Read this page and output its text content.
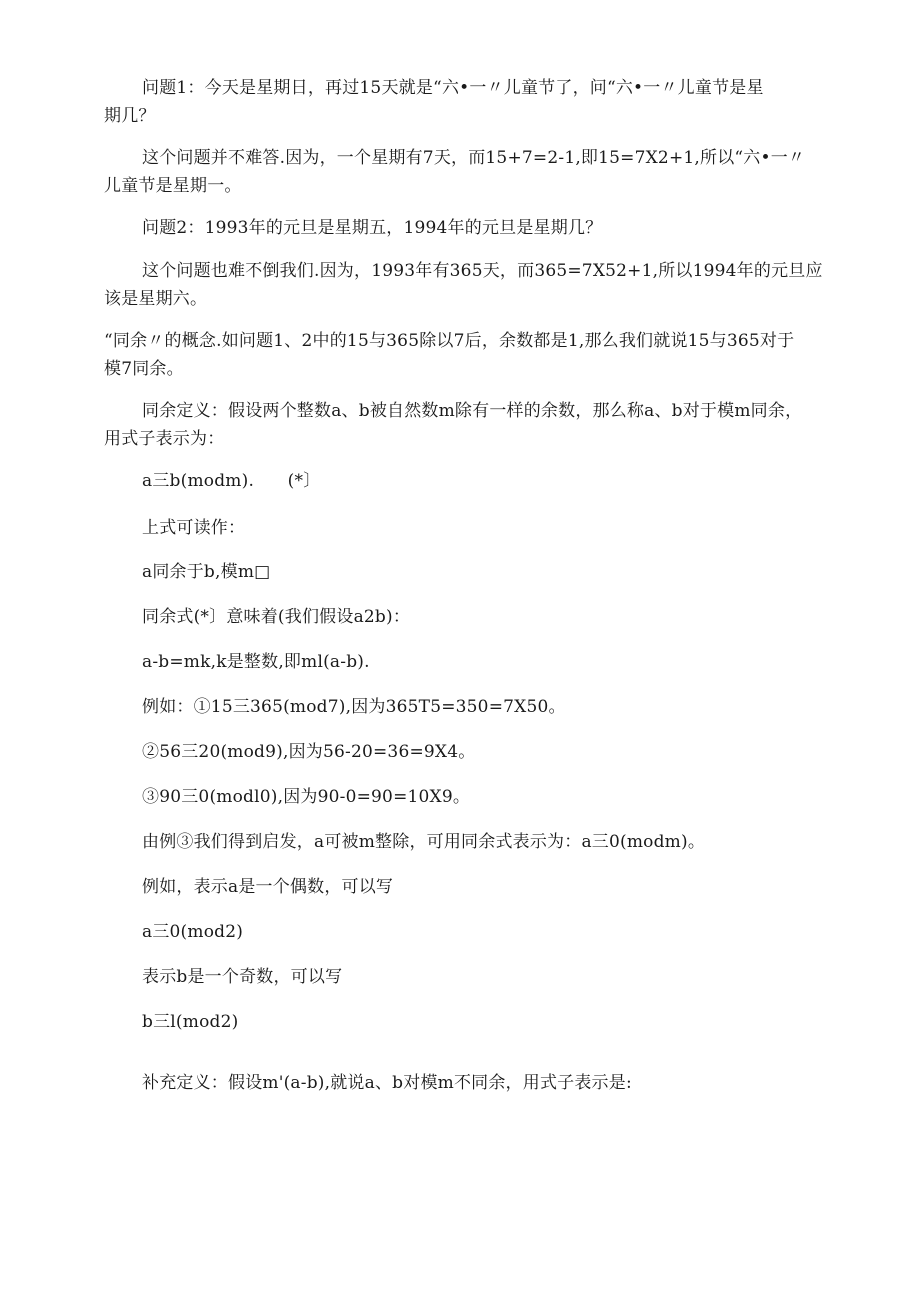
问题1：今天是星期日，再过15天就是“六•一〃儿童节了，问“六•一〃儿童节是星
期几？
这个问题并不难答.因为，一个星期有7天，而15+7=2-1,即15=7X2+1,所以“六•一〃
儿童节是星期一。
问题2：1993年的元旦是星期五，1994年的元旦是星期几？
这个问题也难不倒我们.因为，1993年有365天，而365=7X52+1,所以1994年的元旦应
该是星期六。
“同余〃的概念.如问题1、2中的15与365除以7后，余数都是1,那么我们就说15与365对于
模7同余。
同余定义：假设两个整数a、b被自然数m除有一样的余数，那么称a、b对于模m同余，
用式子表示为：
a三b(modm).      (*〕
上式可读作：
a同余于b,模m□
同余式(*〕意味着(我们假设a2b)：
a-b=mk,k是整数,即ml(a-b).
例如：①15三365(mod7),因为365T5=350=7X50。
②56三20(mod9),因为56-20=36=9X4。
③90三0(modl0),因为90-0=90=10X9。
由例③我们得到启发，a可被m整除，可用同余式表示为：a三0(modm)。
例如，表示a是一个偶数，可以写
a三0(mod2)
表示b是一个奇数，可以写
b三l(mod2)
补充定义：假设m'(a-b),就说a、b对模m不同余，用式子表示是:
